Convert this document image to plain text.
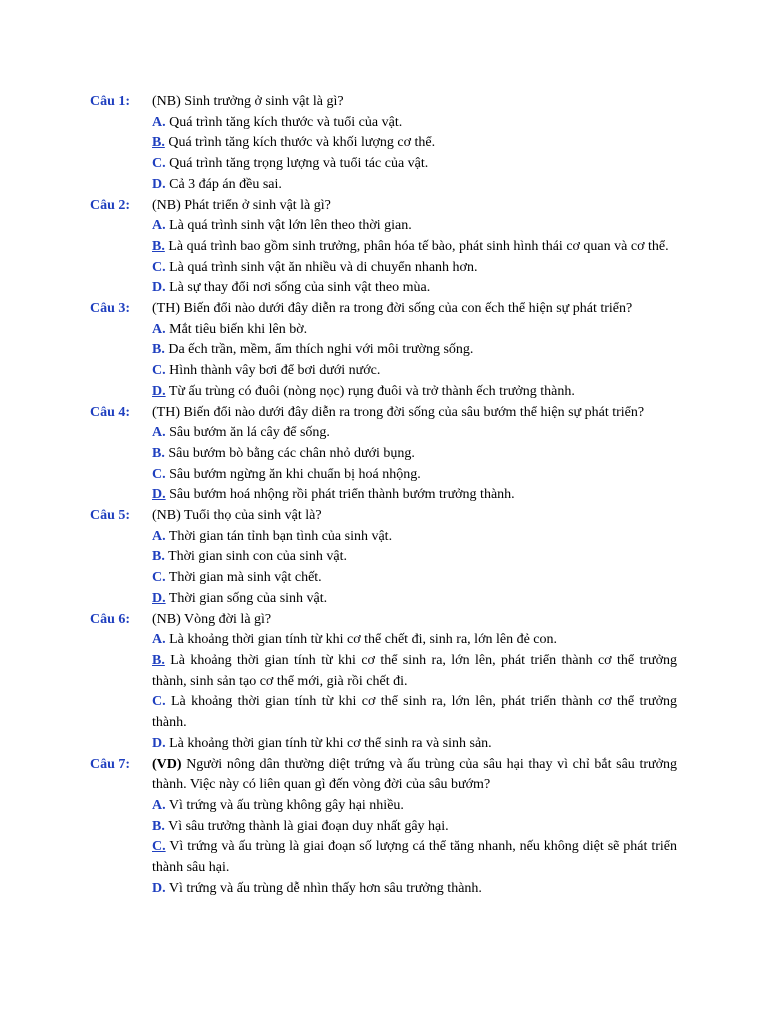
Câu 1: (NB) Sinh trưởng ở sinh vật là gì?
A. Quá trình tăng kích thước và tuổi của vật.
B. Quá trình tăng kích thước và khối lượng cơ thể.
C. Quá trình tăng trọng lượng và tuổi tác của vật.
D. Cả 3 đáp án đều sai.
Câu 2: (NB) Phát triển ở sinh vật là gì?
A. Là quá trình sinh vật lớn lên theo thời gian.
B. Là quá trình bao gồm sinh trưởng, phân hóa tế bào, phát sinh hình thái cơ quan và cơ thể.
C. Là quá trình sinh vật ăn nhiều và di chuyển nhanh hơn.
D. Là sự thay đổi nơi sống của sinh vật theo mùa.
Câu 3: (TH) Biến đổi nào dưới đây diễn ra trong đời sống của con ếch thể hiện sự phát triển?
A. Mắt tiêu biến khi lên bờ.
B. Da ếch trần, mềm, ẩm thích nghi với môi trường sống.
C. Hình thành vây bơi để bơi dưới nước.
D. Từ ấu trùng có đuôi (nòng nọc) rụng đuôi và trở thành ếch trưởng thành.
Câu 4: (TH) Biến đổi nào dưới đây diễn ra trong đời sống của sâu bướm thể hiện sự phát triển?
A. Sâu bướm ăn lá cây để sống.
B. Sâu bướm bò bằng các chân nhỏ dưới bụng.
C. Sâu bướm ngừng ăn khi chuẩn bị hoá nhộng.
D. Sâu bướm hoá nhộng rồi phát triển thành bướm trưởng thành.
Câu 5: (NB) Tuổi thọ của sinh vật là?
A. Thời gian tán tỉnh bạn tình của sinh vật.
B. Thời gian sinh con của sinh vật.
C. Thời gian mà sinh vật chết.
D. Thời gian sống của sinh vật.
Câu 6: (NB) Vòng đời là gì?
A. Là khoảng thời gian tính từ khi cơ thể chết đi, sinh ra, lớn lên đẻ con.
B. Là khoảng thời gian tính từ khi cơ thể sinh ra, lớn lên, phát triển thành cơ thể trưởng thành, sinh sản tạo cơ thể mới, già rồi chết đi.
C. Là khoảng thời gian tính từ khi cơ thể sinh ra, lớn lên, phát triển thành cơ thể trưởng thành.
D. Là khoảng thời gian tính từ khi cơ thể sinh ra và sinh sản.
Câu 7: (VD) Người nông dân thường diệt trứng và ấu trùng của sâu hại thay vì chỉ bắt sâu trưởng thành. Việc này có liên quan gì đến vòng đời của sâu bướm?
A. Vì trứng và ấu trùng không gây hại nhiều.
B. Vì sâu trưởng thành là giai đoạn duy nhất gây hại.
C. Vì trứng và ấu trùng là giai đoạn số lượng cá thể tăng nhanh, nếu không diệt sẽ phát triển thành sâu hại.
D. Vì trứng và ấu trùng dễ nhìn thấy hơn sâu trưởng thành.
